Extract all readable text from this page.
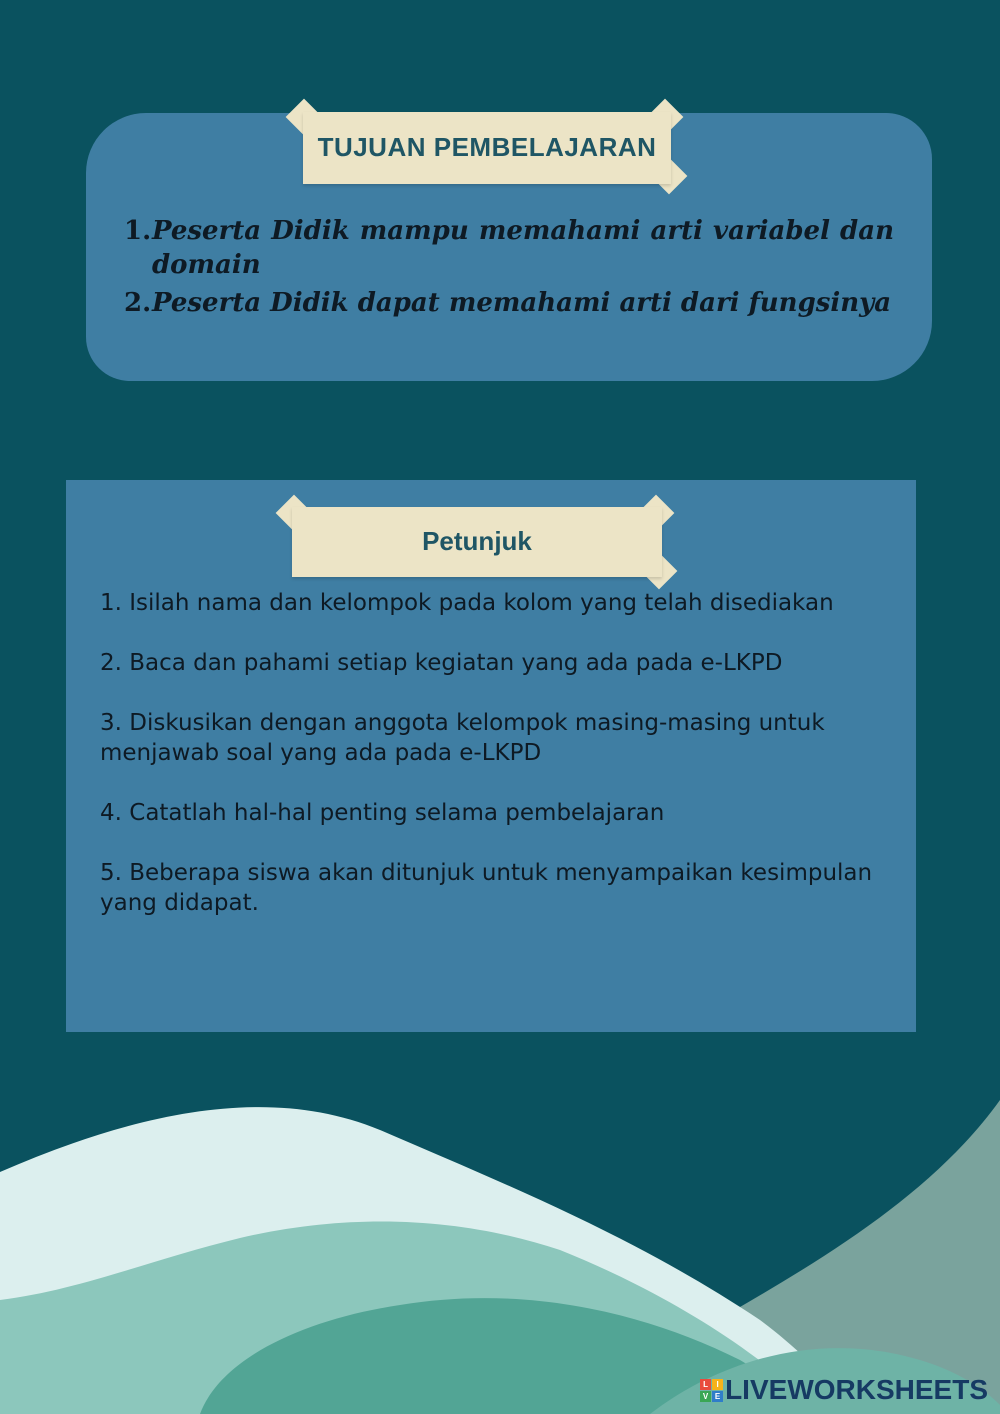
TUJUAN PEMBELAJARAN
1. Peserta Didik mampu memahami arti variabel dan domain
2. Peserta Didik dapat memahami arti dari fungsinya
Petunjuk
1. Isilah nama dan kelompok pada kolom yang telah disediakan
2. Baca dan pahami setiap kegiatan yang ada pada e-LKPD
3. Diskusikan dengan anggota kelompok masing-masing untuk menjawab soal yang ada pada e-LKPD
4. Catatlah hal-hal penting selama pembelajaran
5. Beberapa siswa akan ditunjuk untuk menyampaikan kesimpulan yang didapat.
L	I
V E LIVEWORKSHEETS
